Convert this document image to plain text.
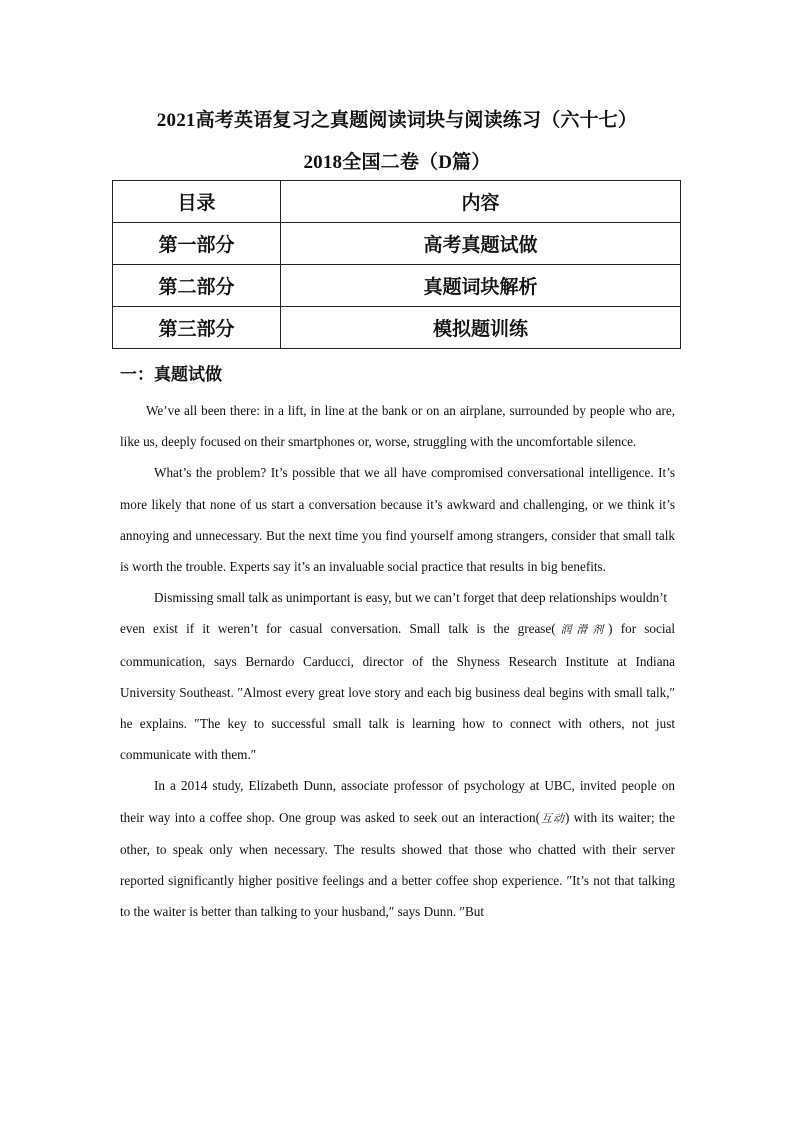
2021高考英语复习之真题阅读词块与阅读练习（六十七）
2018全国二卷（D篇）
目录	内容
第一部分	高考真题试做
第二部分	真题词块解析
第三部分	模拟题训练
一：真题试做

We’ve all been there: in a lift, in line at the bank or on an airplane, surrounded by people who are, like us, deeply focused on their smartphones or, worse, struggling with the uncomfortable silence.

What’s the problem? It’s possible that we all have compromised conversational intelligence. It’s more likely that none of us start a conversation because it’s awkward and challenging, or we think it’s annoying and unnecessary. But the next time you find yourself among strangers, consider that small talk is worth the trouble. Experts say it’s an invaluable social practice that results in big benefits.

Dismissing small talk as unimportant is easy, but we can’t forget that deep relationships wouldn’t

even exist if it weren’t for casual conversation. Small talk is the grease(润滑剂) for social communication, says Bernardo Carducci, director of the Shyness Research Institute at Indiana University Southeast. ″Almost every great love story and each big business deal begins with small talk,″ he explains. ″The key to successful small talk is learning how to connect with others, not just communicate with them.″

In a 2014 study, Elizabeth Dunn, associate professor of psychology at UBC, invited people on their way into a coffee shop. One group was asked to seek out an interaction(互动) with its waiter; the other, to speak only when necessary. The results showed that those who chatted with their server reported significantly higher positive feelings and a better coffee shop experience. ″It’s not that talking to the waiter is better than talking to your husband,″ says Dunn. ″But
